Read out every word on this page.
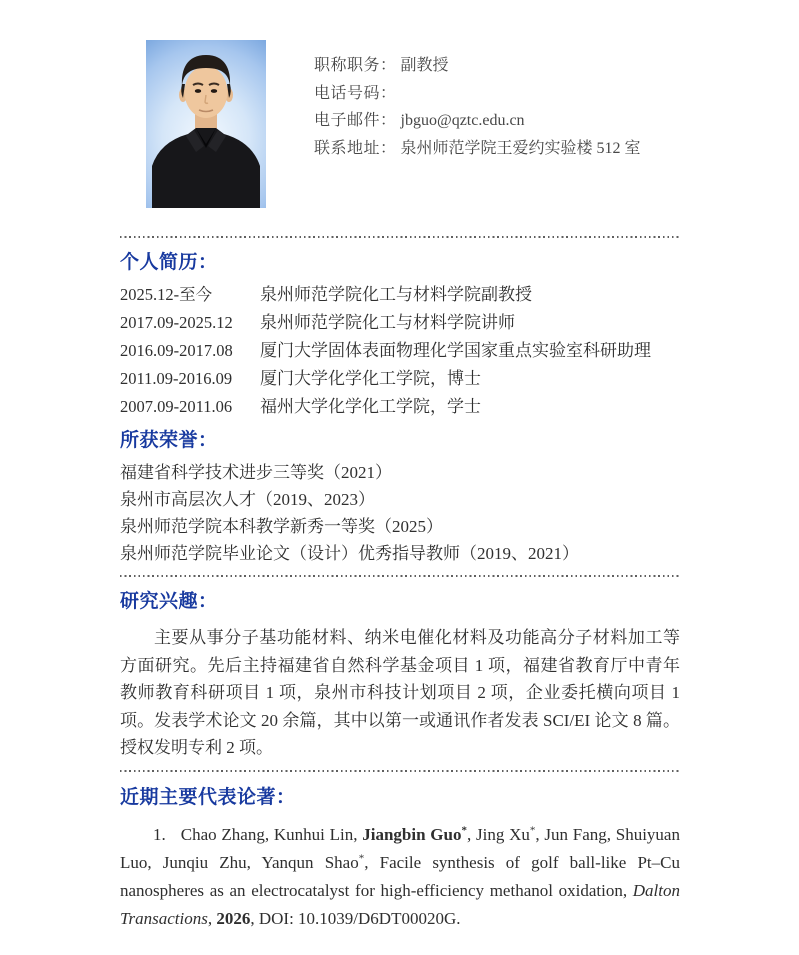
职称职务： 副教授
电话号码：
电子邮件： jbguo@qztc.edu.cn
联系地址： 泉州师范学院王爱约实验楼 512 室
个人简历：
2025.12-至今	泉州师范学院化工与材料学院副教授
2017.09-2025.12	泉州师范学院化工与材料学院讲师
2016.09-2017.08	厦门大学固体表面物理化学国家重点实验室科研助理
2011.09-2016.09	厦门大学化学化工学院，博士
2007.09-2011.06	福州大学化学化工学院，学士
所获荣誉：
福建省科学技术进步三等奖（2021）
泉州市高层次人才（2019、2023）
泉州师范学院本科教学新秀一等奖（2025）
泉州师范学院毕业论文（设计）优秀指导教师（2019、2021）
研究兴趣：

主要从事分子基功能材料、纳米电催化材料及功能高分子材料加工等方面研究。先后主持福建省自然科学基金项目 1 项，福建省教育厅中青年教师教育科研项目 1 项，泉州市科技计划项目 2 项，企业委托横向项目 1 项。发表学术论文 20 余篇，其中以第一或通讯作者发表 SCI/EI 论文 8 篇。授权发明专利 2 项。

近期主要代表论著：

1. Chao Zhang, Kunhui Lin, Jiangbin Guo*, Jing Xu*, Jun Fang, Shuiyuan Luo, Junqiu Zhu, Yanqun Shao*, Facile synthesis of golf ball-like Pt–Cu nanospheres as an electrocatalyst for high-efficiency methanol oxidation, Dalton Transactions, 2026, DOI: 10.1039/D6DT00020G.
